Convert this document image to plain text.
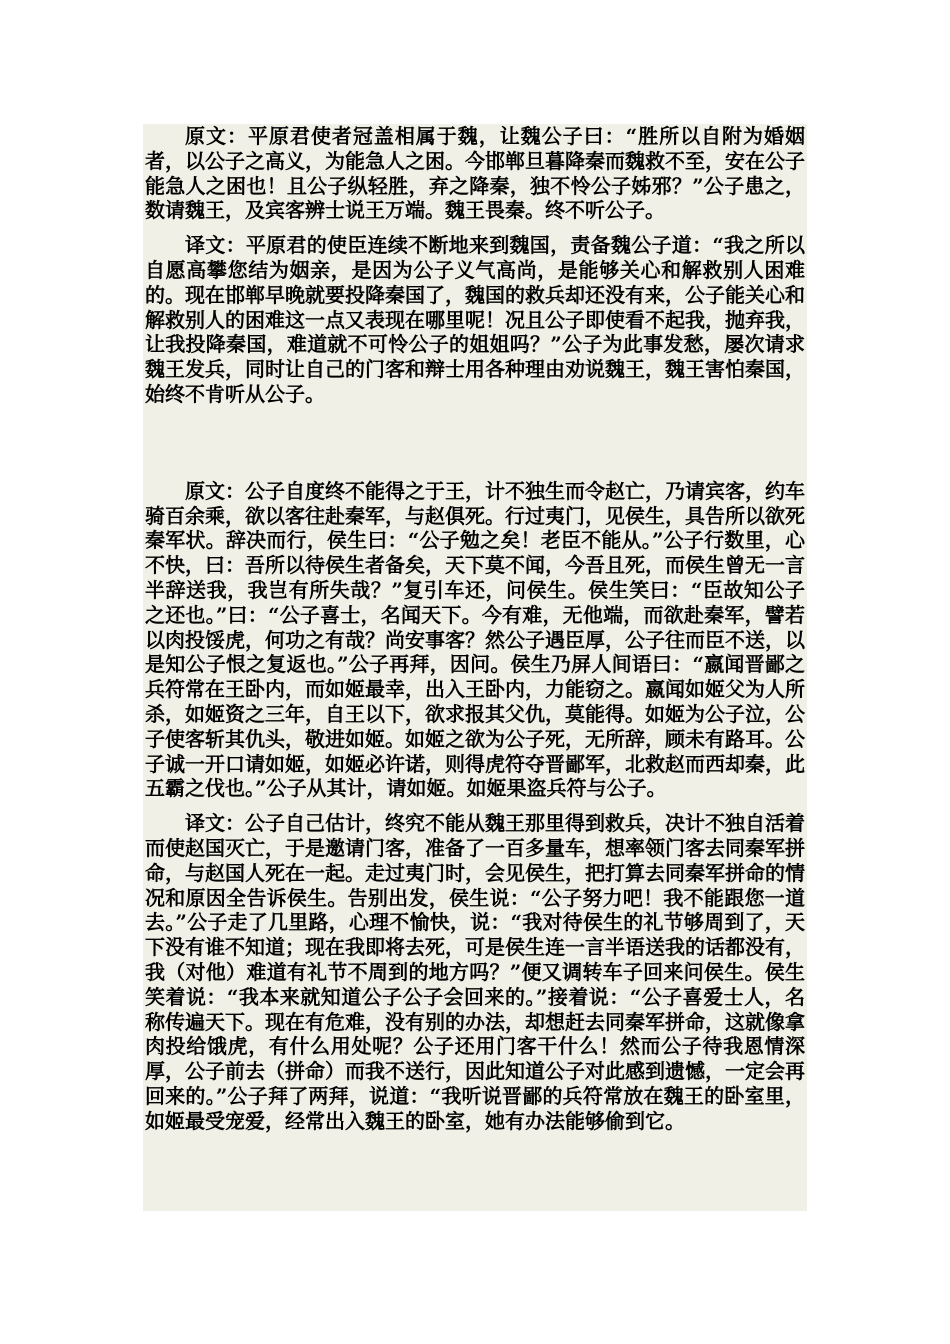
原文：平原君使者冠盖相属于魏，让魏公子曰：“胜所以自附为婚姻者，以公子之高义，为能急人之困。今邯郸旦暮降秦而魏救不至，安在公子能急人之困也！且公子纵轻胜，弃之降秦，独不怜公子姊邪？”公子患之，数请魏王，及宾客辨士说王万端。魏王畏秦。终不听公子。

译文：平原君的使臣连续不断地来到魏国，责备魏公子道：“我之所以自愿高攀您结为姻亲，是因为公子义气高尚，是能够关心和解救别人困难的。现在邯郸早晚就要投降秦国了，魏国的救兵却还没有来，公子能关心和解救别人的困难这一点又表现在哪里呢！况且公子即使看不起我，抛弃我，让我投降秦国，难道就不可怜公子的姐姐吗？”公子为此事发愁，屡次请求魏王发兵，同时让自己的门客和辩士用各种理由劝说魏王，魏王害怕秦国，始终不肯听从公子。

原文：公子自度终不能得之于王，计不独生而令赵亡，乃请宾客，约车骑百余乘，欲以客往赴秦军，与赵俱死。行过夷门，见侯生，具告所以欲死秦军状。辞决而行，侯生曰：“公子勉之矣！老臣不能从。”公子行数里，心不快，曰：吾所以待侯生者备矣，天下莫不闻，今吾且死，而侯生曾无一言半辞送我，我岂有所失哉？”复引车还，问侯生。侯生笑曰：“臣故知公子之还也。”曰：“公子喜士，名闻天下。今有难，无他端，而欲赴秦军，譬若以肉投馁虎，何功之有哉？尚安事客？然公子遇臣厚，公子往而臣不送，以是知公子恨之复返也。”公子再拜，因问。侯生乃屏人间语曰：“嬴闻晋鄙之兵符常在王卧内，而如姬最幸，出入王卧内，力能窃之。嬴闻如姬父为人所杀，如姬资之三年，自王以下，欲求报其父仇，莫能得。如姬为公子泣，公子使客斩其仇头，敬进如姬。如姬之欲为公子死，无所辞，顾未有路耳。公子诚一开口请如姬，如姬必许诺，则得虎符夺晋鄙军，北救赵而西却秦，此五霸之伐也。”公子从其计，请如姬。如姬果盗兵符与公子。

译文：公子自己估计，终究不能从魏王那里得到救兵，决计不独自活着而使赵国灭亡，于是邀请门客，准备了一百多量车，想率领门客去同秦军拼命，与赵国人死在一起。走过夷门时，会见侯生，把打算去同秦军拼命的情况和原因全告诉侯生。告别出发，侯生说：“公子努力吧！我不能跟您一道去。”公子走了几里路，心理不愉快，说：“我对待侯生的礼节够周到了，天下没有谁不知道；现在我即将去死，可是侯生连一言半语送我的话都没有，我（对他）难道有礼节不周到的地方吗？”便又调转车子回来问侯生。侯生笑着说：“我本来就知道公子公子会回来的。”接着说：“公子喜爱士人，名称传遍天下。现在有危难，没有别的办法，却想赶去同秦军拼命，这就像拿肉投给饿虎，有什么用处呢？公子还用门客干什么！然而公子待我恩情深厚，公子前去（拼命）而我不送行，因此知道公子对此感到遗憾，一定会再回来的。”公子拜了两拜，说道：“我听说晋鄙的兵符常放在魏王的卧室里，如姬最受宠爱，经常出入魏王的卧室，她有办法能够偷到它。
